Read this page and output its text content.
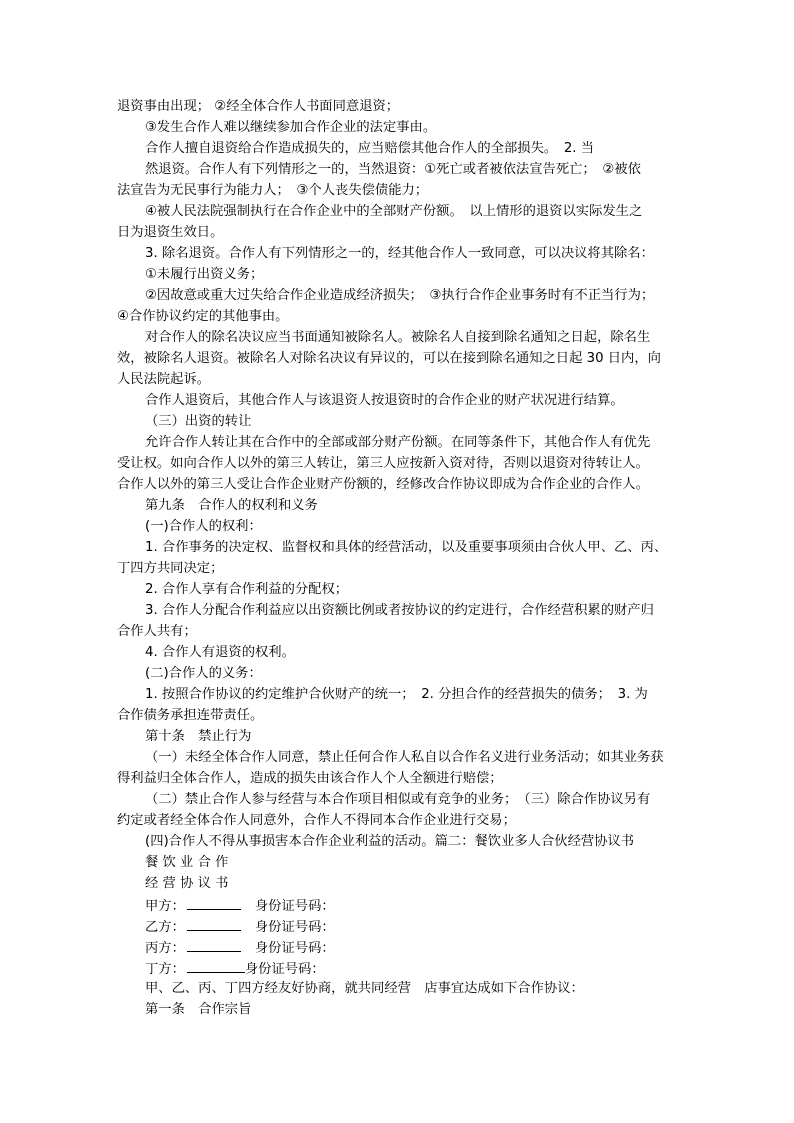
退资事由出现； ②经全体合作人书面同意退资；
③发生合作人难以继续参加合作企业的法定事由。
合作人擅自退资给合作造成损失的，应当赔偿其他合作人的全部损失。　2. 当
然退资。合作人有下列情形之一的，当然退资：①死亡或者被依法宣告死亡；　②被依
法宣告为无民事行为能力人；　③个人丧失偿债能力；
④被人民法院强制执行在合作企业中的全部财产份额。　以上情形的退资以实际发生之
日为退资生效日。
3. 除名退资。合作人有下列情形之一的，经其他合作人一致同意，可以决议将其除名：
①未履行出资义务；
②因故意或重大过失给合作企业造成经济损失；　③执行合作企业事务时有不正当行为；
④合作协议约定的其他事由。
对合作人的除名决议应当书面通知被除名人。被除名人自接到除名通知之日起，除名生
效，被除名人退资。被除名人对除名决议有异议的，可以在接到除名通知之日起 30 日内，向
人民法院起诉。
合作人退资后，其他合作人与该退资人按退资时的合作企业的财产状况进行结算。
（三）出资的转让
允许合作人转让其在合作中的全部或部分财产份额。在同等条件下，其他合作人有优先
受让权。如向合作人以外的第三人转让，第三人应按新入资对待，否则以退资对待转让人。
合作人以外的第三人受让合作企业财产份额的，经修改合作协议即成为合作企业的合作人。
第九条　合作人的权利和义务
(一)合作人的权利：
1. 合作事务的决定权、监督权和具体的经营活动，以及重要事项须由合伙人甲、乙、丙、
丁四方共同决定；
2. 合作人享有合作利益的分配权；
3. 合作人分配合作利益应以出资额比例或者按协议的约定进行，合作经营积累的财产归
合作人共有；
4. 合作人有退资的权利。
(二)合作人的义务：
1. 按照合作协议的约定维护合伙财产的统一；　2. 分担合作的经营损失的债务；　3. 为
合作债务承担连带责任。
第十条　禁止行为
（一）未经全体合作人同意，禁止任何合作人私自以合作名义进行业务活动；如其业务获
得利益归全体合作人，造成的损失由该合作人个人全额进行赔偿；
（二）禁止合作人参与经营与本合作项目相似或有竞争的业务；　（三）除合作协议另有
约定或者经全体合作人同意外，合作人不得同本合作企业进行交易；
(四)合作人不得从事损害本合作企业利益的活动。篇二：餐饮业多人合伙经营协议书
餐 饮 业 合 作
经 营 协 议 书
甲方：	身份证号码：
乙方：	身份证号码：
丙方：	身份证号码：
丁方：	身份证号码：
甲、乙、丙、丁四方经友好协商，就共同经营　店事宜达成如下合作协议：
第一条　合作宗旨
